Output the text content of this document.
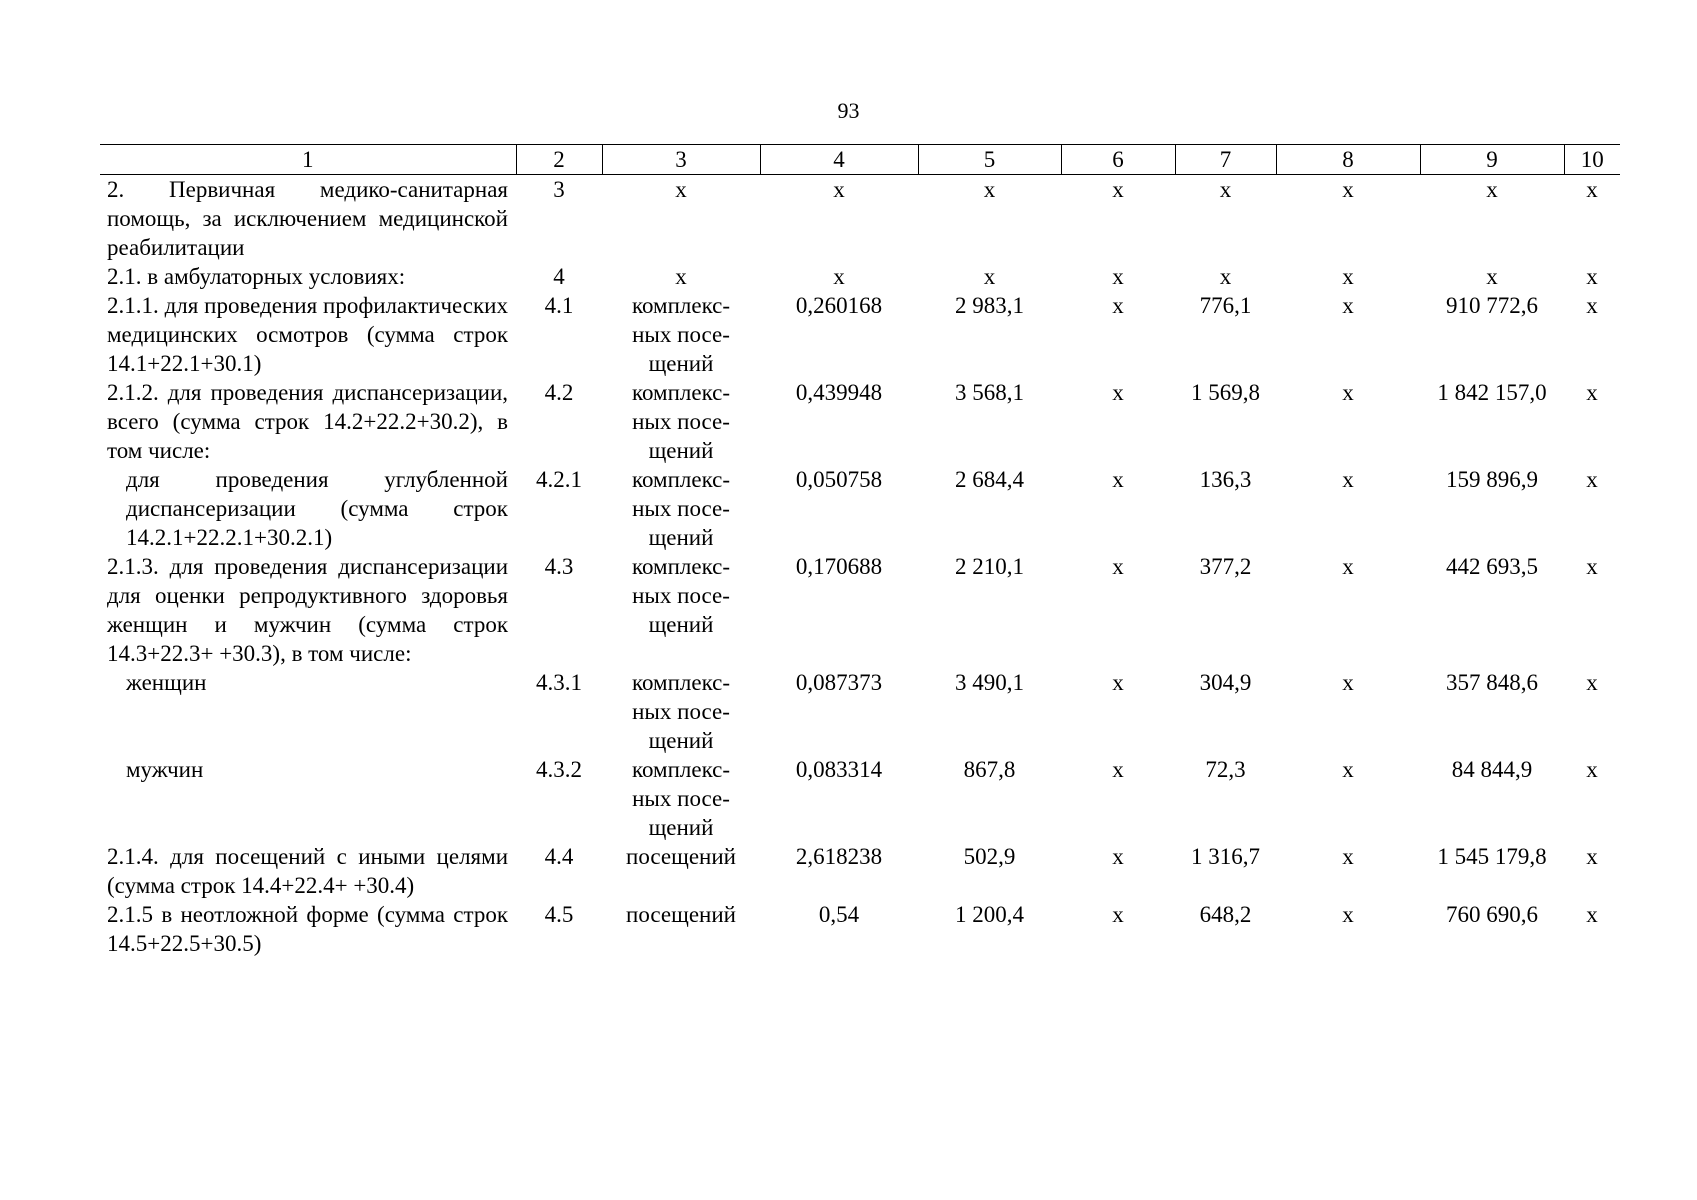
93
1	2	3	4	5	6	7	8	9	10
2. Первичная медико-санитарная помощь, за исключением медицинской реабилитации	3	х	х	х	х	х	х	х	х
2.1. в амбулаторных условиях:	4	х	х	х	х	х	х	х	х
2.1.1. для проведения профилактических медицинских осмотров (сумма строк 14.1+22.1+30.1)	4.1	комплекс-
ных посе-
щений	0,260168	2 983,1	х	776,1	х	910 772,6	х
2.1.2. для проведения диспансеризации, всего (сумма строк 14.2+22.2+30.2), в том числе:	4.2	комплекс-
ных посе-
щений	0,439948	3 568,1	х	1 569,8	х	1 842 157,0	х
для проведения углубленной диспансеризации (сумма строк 14.2.1+22.2.1+30.2.1)	4.2.1	комплекс-
ных посе-
щений	0,050758	2 684,4	х	136,3	х	159 896,9	х
2.1.3. для проведения диспансеризации для оценки репродуктивного здоровья женщин и мужчин (сумма строк 14.3+22.3+ +30.3), в том числе:	4.3	комплекс-
ных посе-
щений	0,170688	2 210,1	х	377,2	х	442 693,5	х
женщин	4.3.1	комплекс-
ных посе-
щений	0,087373	3 490,1	х	304,9	х	357 848,6	х
мужчин	4.3.2	комплекс-
ных посе-
щений	0,083314	867,8	х	72,3	х	84 844,9	х
2.1.4. для посещений с иными целями (сумма строк 14.4+22.4+ +30.4)	4.4	посещений	2,618238	502,9	х	1 316,7	х	1 545 179,8	х
2.1.5 в неотложной форме (сумма строк 14.5+22.5+30.5)	4.5	посещений	0,54	1 200,4	х	648,2	х	760 690,6	х
